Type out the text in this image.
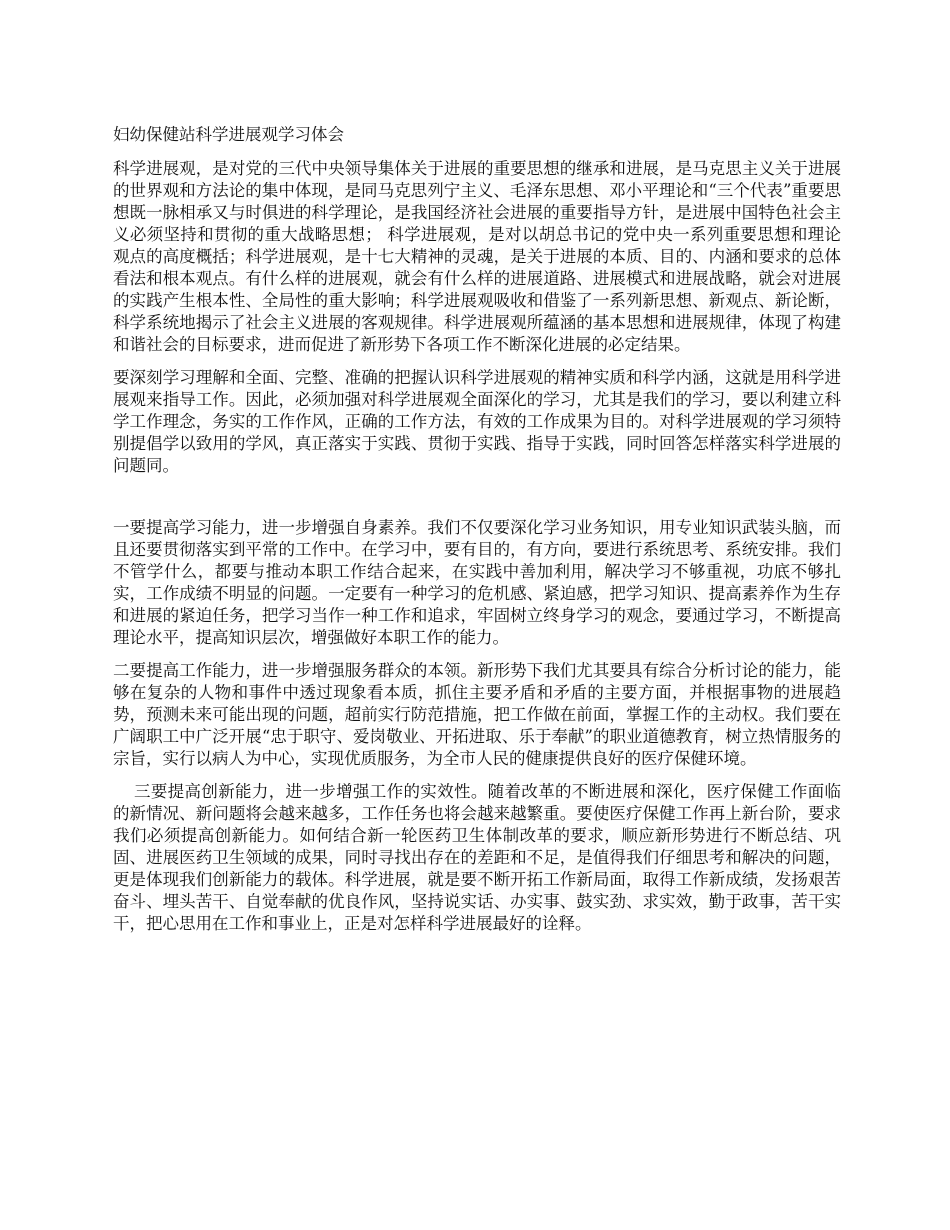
妇幼保健站科学进展观学习体会

科学进展观，是对党的三代中央领导集体关于进展的重要思想的继承和进展，是马克思主义关于进展的世界观和方法论的集中体现，是同马克思列宁主义、毛泽东思想、邓小平理论和“三个代表”重要思想既一脉相承又与时俱进的科学理论，是我国经济社会进展的重要指导方针，是进展中国特色社会主义必须坚持和贯彻的重大战略思想； 科学进展观，是对以胡总书记的党中央一系列重要思想和理论观点的高度概括；科学进展观，是十七大精神的灵魂，是关于进展的本质、目的、内涵和要求的总体看法和根本观点。有什么样的进展观，就会有什么样的进展道路、进展模式和进展战略，就会对进展的实践产生根本性、全局性的重大影响；科学进展观吸收和借鉴了一系列新思想、新观点、新论断，科学系统地揭示了社会主义进展的客观规律。科学进展观所蕴涵的基本思想和进展规律，体现了构建和谐社会的目标要求，进而促进了新形势下各项工作不断深化进展的必定结果。

要深刻学习理解和全面、完整、准确的把握认识科学进展观的精神实质和科学内涵，这就是用科学进展观来指导工作。因此，必须加强对科学进展观全面深化的学习，尤其是我们的学习，要以利建立科学工作理念，务实的工作作风，正确的工作方法，有效的工作成果为目的。对科学进展观的学习须特别提倡学以致用的学风，真正落实于实践、贯彻于实践、指导于实践，同时回答怎样落实科学进展的问题同。

一要提高学习能力，进一步增强自身素养。我们不仅要深化学习业务知识，用专业知识武装头脑，而且还要贯彻落实到平常的工作中。在学习中，要有目的，有方向，要进行系统思考、系统安排。我们不管学什么，都要与推动本职工作结合起来，在实践中善加利用，解决学习不够重视，功底不够扎实，工作成绩不明显的问题。一定要有一种学习的危机感、紧迫感，把学习知识、提高素养作为生存和进展的紧迫任务，把学习当作一种工作和追求，牢固树立终身学习的观念，要通过学习，不断提高理论水平，提高知识层次，增强做好本职工作的能力。

二要提高工作能力，进一步增强服务群众的本领。新形势下我们尤其要具有综合分析讨论的能力，能够在复杂的人物和事件中透过现象看本质，抓住主要矛盾和矛盾的主要方面，并根据事物的进展趋势，预测未来可能出现的问题，超前实行防范措施，把工作做在前面，掌握工作的主动权。我们要在广阔职工中广泛开展“忠于职守、爱岗敬业、开拓进取、乐于奉献”的职业道德教育，树立热情服务的宗旨，实行以病人为中心，实现优质服务，为全市人民的健康提供良好的医疗保健环境。

三要提高创新能力，进一步增强工作的实效性。随着改革的不断进展和深化，医疗保健工作面临的新情况、新问题将会越来越多，工作任务也将会越来越繁重。要使医疗保健工作再上新台阶，要求我们必须提高创新能力。如何结合新一轮医药卫生体制改革的要求，顺应新形势进行不断总结、巩固、进展医药卫生领域的成果，同时寻找出存在的差距和不足，是值得我们仔细思考和解决的问题，更是体现我们创新能力的载体。科学进展，就是要不断开拓工作新局面，取得工作新成绩，发扬艰苦奋斗、埋头苦干、自觉奉献的优良作风，坚持说实话、办实事、鼓实劲、求实效，勤于政事，苦干实干，把心思用在工作和事业上，正是对怎样科学进展最好的诠释。
